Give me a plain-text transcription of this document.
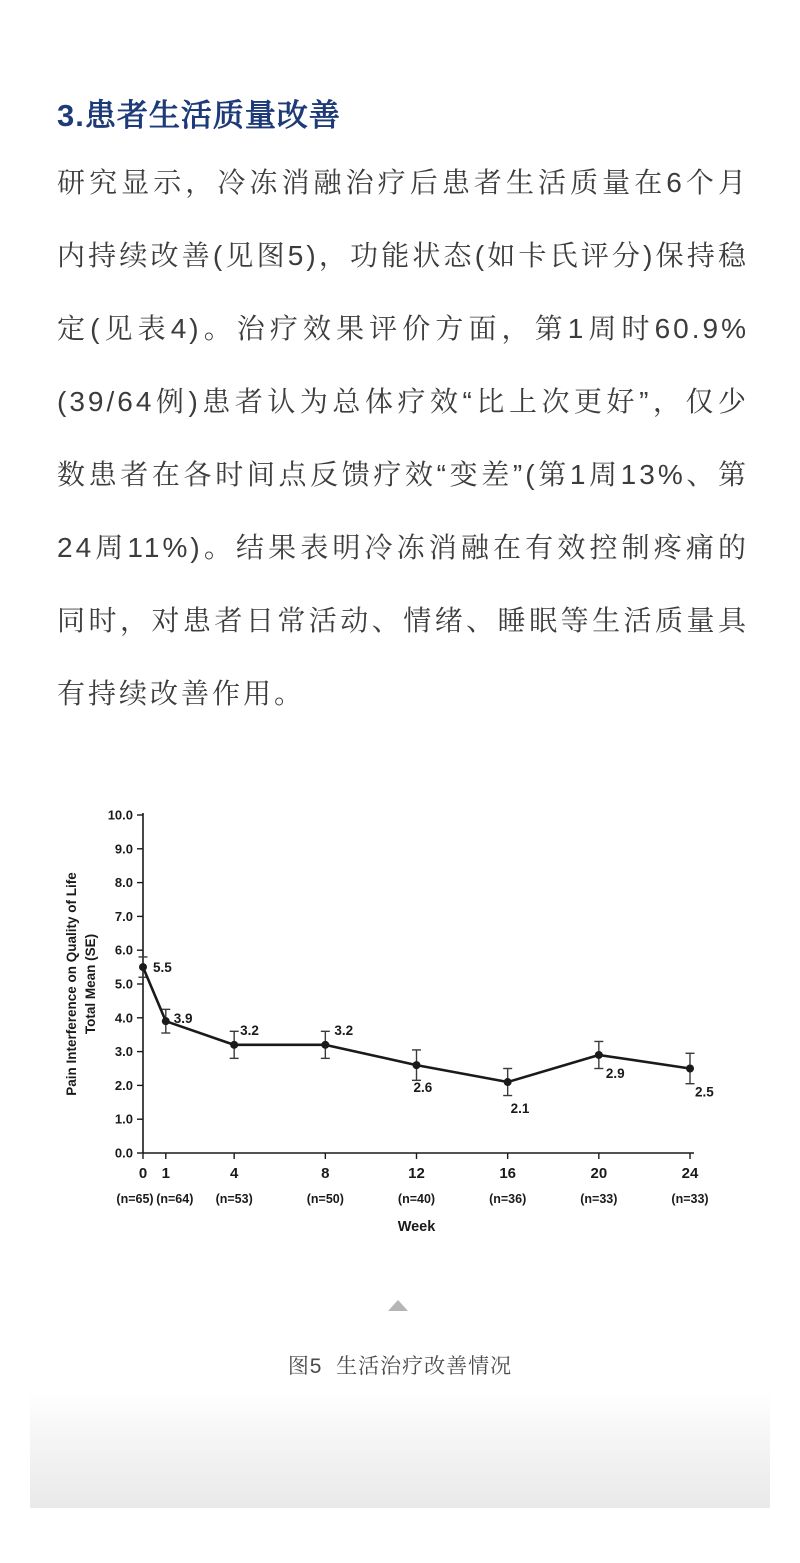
3.患者生活质量改善

研究显示，冷冻消融治疗后患者生活质量在6个月内持续改善(见图5)，功能状态(如卡氏评分)保持稳定(见表4)。治疗效果评价方面，第1周时60.9%(39/64例)患者认为总体疗效“比上次更好”，仅少数患者在各时间点反馈疗效“变差”(第1周13%、第24周11%)。结果表明冷冻消融在有效控制疼痛的同时，对患者日常活动、情绪、睡眠等生活质量具有持续改善作用。

0.0
1.0
2.0
3.0
4.0
5.0
6.0
7.0
8.0
9.0
10.0
0
(n=65)
1
(n=64)
4
(n=53)
8
(n=50)
12
(n=40)
16
(n=36)
20
(n=33)
24
(n=33)
Week
Pain Interference on Quality of Life Total Mean (SE)	5.5
3.9
3.2	3.2
2.6
2.1
2.9
2.5
图5  生活治疗改善情况
